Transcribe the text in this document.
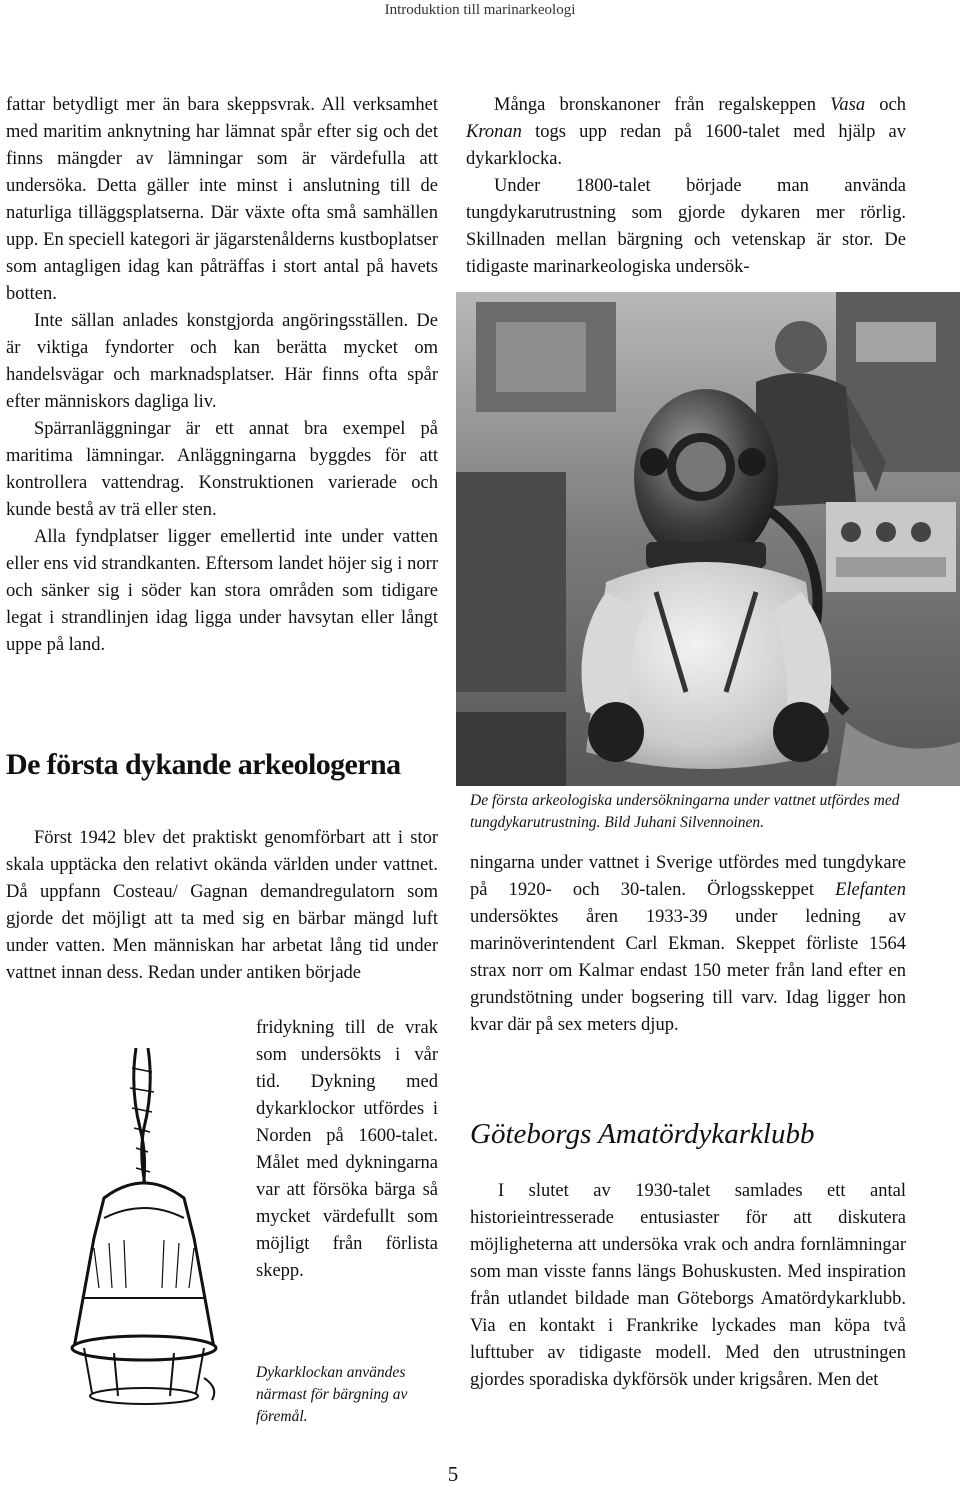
Introduktion till marinarkeologi

fattar betydligt mer än bara skeppsvrak. All verksamhet med maritim anknytning har lämnat spår efter sig och det finns mängder av lämningar som är värdefulla att undersöka. Detta gäller inte minst i anslutning till de naturliga tilläggsplatserna. Där växte ofta små samhällen upp. En speciell kategori är jägarstenålderns kustboplatser som antagligen idag kan påträffas i stort antal på havets botten.

Inte sällan anlades konstgjorda angöringsställen. De är viktiga fyndorter och kan berätta mycket om handelsvägar och marknadsplatser. Här finns ofta spår efter människors dagliga liv.

Spärranläggningar är ett annat bra exempel på maritima lämningar. Anläggningarna byggdes för att kontrollera vattendrag. Konstruktionen varierade och kunde bestå av trä eller sten.

Alla fyndplatser ligger emellertid inte under vatten eller ens vid strandkanten. Eftersom landet höjer sig i norr och sänker sig i söder kan stora områden som tidigare legat i strandlinjen idag ligga under havsytan eller långt uppe på land.

Många bronskanoner från regalskeppen Vasa och Kronan togs upp redan på 1600-talet med hjälp av dykarklocka.

Under 1800-talet började man använda tungdykarutrustning som gjorde dykaren mer rörlig. Skillnaden mellan bärgning och vetenskap är stor. De tidigaste marinarkeologiska undersök-

De första arkeologiska undersökningarna under vattnet utfördes med tungdykarutrustning. Bild Juhani Silvennoinen.
De första dykande arkeologerna

Först 1942 blev det praktiskt genomförbart att i stor skala upptäcka den relativt okända världen under vattnet. Då uppfann Costeau/ Gagnan demandregulatorn som gjorde det möjligt att ta med sig en bärbar mängd luft under vatten. Men människan har arbetat lång tid under vattnet innan dess. Redan under antiken började

fridykning till de vrak som undersökts i vår tid. Dykning med dykarklockor utfördes i Norden på 1600-talet. Målet med dykningarna var att försöka bärga så mycket värdefullt som möjligt från förlista skepp.

Dykarklockan användes närmast för bärgning av föremål.

ningarna under vattnet i Sverige utfördes med tungdykare på 1920- och 30-talen. Örlogsskeppet Elefanten undersöktes åren 1933-39 under ledning av marinöverintendent Carl Ekman. Skeppet förliste 1564 strax norr om Kalmar endast 150 meter från land efter en grundstötning under bogsering till varv. Idag ligger hon kvar där på sex meters djup.

Göteborgs Amatördykarklubb

I slutet av 1930-talet samlades ett antal historieintresserade entusiaster för att diskutera möjligheterna att undersöka vrak och andra fornlämningar som man visste fanns längs Bohuskusten. Med inspiration från utlandet bildade man Göteborgs Amatördykarklubb. Via en kontakt i Frankrike lyckades man köpa två lufttuber av tidigaste modell. Med den utrustningen gjordes sporadiska dykförsök under krigsåren. Men det

5
